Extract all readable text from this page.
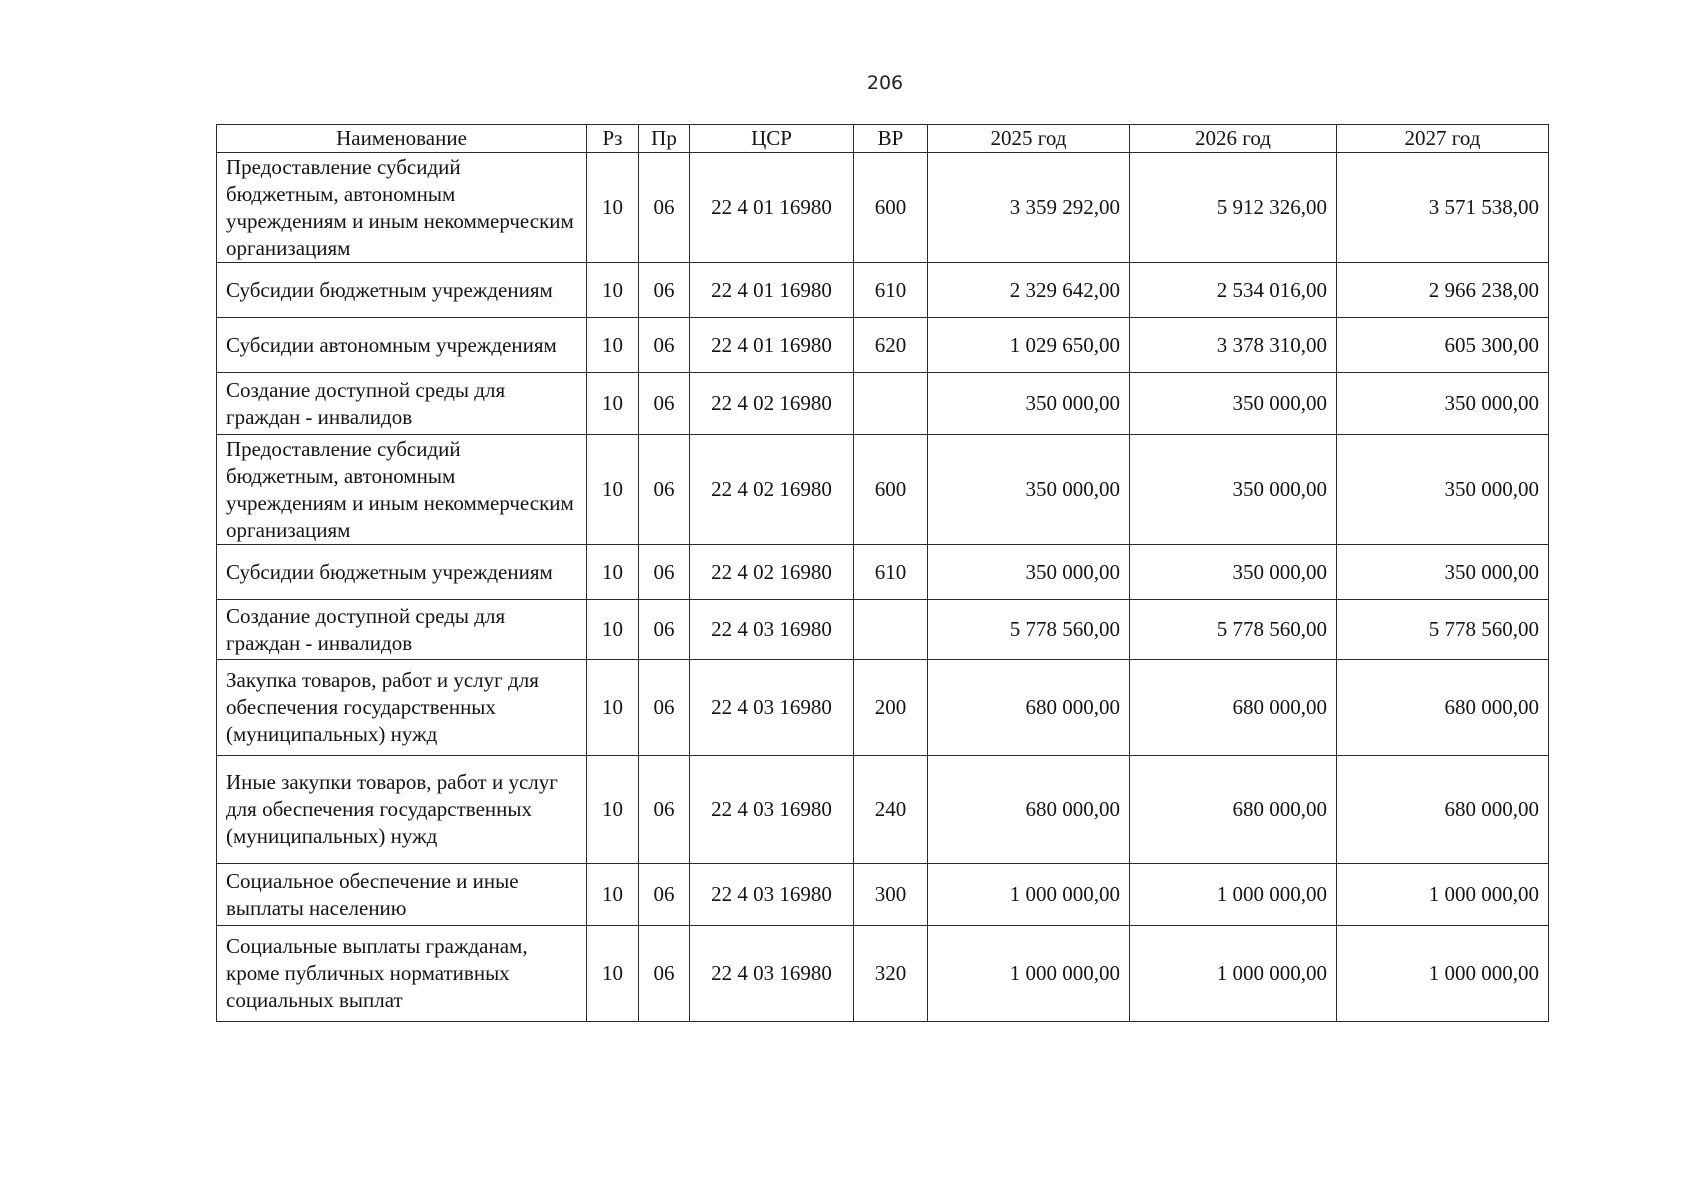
206
Наименование	Рз	Пр	ЦСР	ВР	2025 год	2026 год	2027 год
Предоставление субсидий бюджетным, автономным учреждениям и иным некоммерческим организациям	10	06	22 4 01 16980	600	3 359 292,00	5 912 326,00	3 571 538,00
Субсидии бюджетным учреждениям	10	06	22 4 01 16980	610	2 329 642,00	2 534 016,00	2 966 238,00
Субсидии автономным учреждениям	10	06	22 4 01 16980	620	1 029 650,00	3 378 310,00	605 300,00
Создание доступной среды для граждан - инвалидов	10	06	22 4 02 16980		350 000,00	350 000,00	350 000,00
Предоставление субсидий бюджетным, автономным учреждениям и иным некоммерческим организациям	10	06	22 4 02 16980	600	350 000,00	350 000,00	350 000,00
Субсидии бюджетным учреждениям	10	06	22 4 02 16980	610	350 000,00	350 000,00	350 000,00
Создание доступной среды для граждан - инвалидов	10	06	22 4 03 16980		5 778 560,00	5 778 560,00	5 778 560,00
Закупка товаров, работ и услуг для обеспечения государственных (муниципальных) нужд	10	06	22 4 03 16980	200	680 000,00	680 000,00	680 000,00
Иные закупки товаров, работ и услуг для обеспечения государственных (муниципальных) нужд	10	06	22 4 03 16980	240	680 000,00	680 000,00	680 000,00
Социальное обеспечение и иные выплаты населению	10	06	22 4 03 16980	300	1 000 000,00	1 000 000,00	1 000 000,00
Социальные выплаты гражданам, кроме публичных нормативных социальных выплат	10	06	22 4 03 16980	320	1 000 000,00	1 000 000,00	1 000 000,00
